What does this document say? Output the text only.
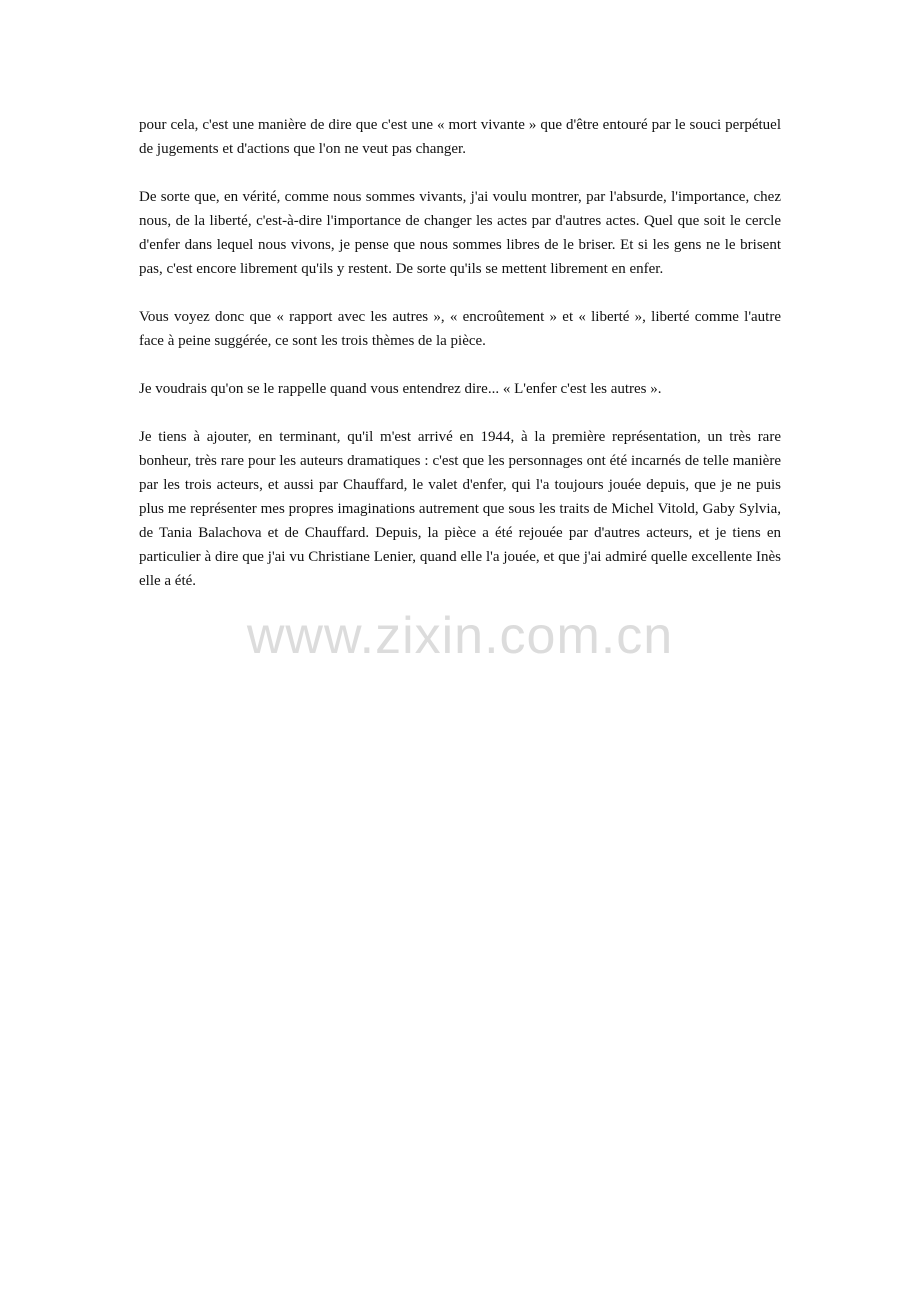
pour cela, c'est une manière de dire que c'est une « mort vivante » que d'être entouré par le souci perpétuel de jugements et d'actions que l'on ne veut pas changer.

De sorte que, en vérité, comme nous sommes vivants, j'ai voulu montrer, par l'absurde, l'importance, chez nous, de la liberté, c'est-à-dire l'importance de changer les actes par d'autres actes. Quel que soit le cercle d'enfer dans lequel nous vivons, je pense que nous sommes libres de le briser. Et si les gens ne le brisent pas, c'est encore librement qu'ils y restent. De sorte qu'ils se mettent librement en enfer.

Vous voyez donc que « rapport avec les autres », « encroûtement » et « liberté », liberté comme l'autre face à peine suggérée, ce sont les trois thèmes de la pièce.

Je voudrais qu'on se le rappelle quand vous entendrez dire... « L'enfer c'est les autres ».

Je tiens à ajouter, en terminant, qu'il m'est arrivé en 1944, à la première représentation, un très rare bonheur, très rare pour les auteurs dramatiques : c'est que les personnages ont été incarnés de telle manière par les trois acteurs, et aussi par Chauffard, le valet d'enfer, qui l'a toujours jouée depuis, que je ne puis plus me représenter mes propres imaginations autrement que sous les traits de Michel Vitold, Gaby Sylvia, de Tania Balachova et de Chauffard. Depuis, la pièce a été rejouée par d'autres acteurs, et je tiens en particulier à dire que j'ai vu Christiane Lenier, quand elle l'a jouée, et que j'ai admiré quelle excellente Inès elle a été.

www.zixin.com.cn
